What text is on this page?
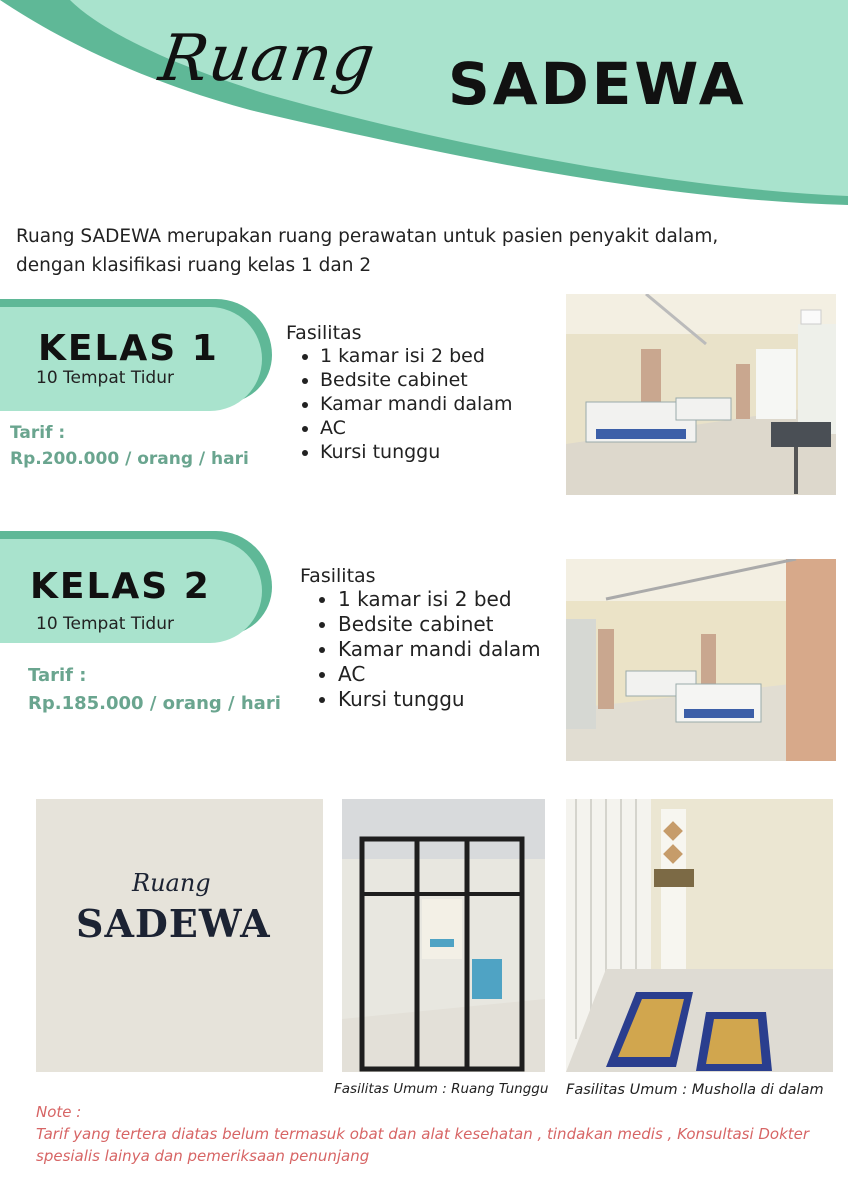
Ruang SADEWA
Ruang SADEWA merupakan ruang perawatan untuk pasien penyakit dalam,
dengan klasifikasi ruang kelas 1 dan 2
KELAS 1
10 Tempat Tidur
Tarif :
Rp.200.000 / orang / hari
Fasilitas
• 1 kamar isi 2 bed
• Bedsite cabinet
• Kamar mandi dalam
• AC
• Kursi tunggu
KELAS 2
10 Tempat Tidur
Tarif :
Rp.185.000 / orang / hari
Fasilitas
• 1 kamar isi 2 bed
• Bedsite cabinet
• Kamar mandi dalam
• AC
• Kursi tunggu
Ruang
SADEWA
Fasilitas Umum : Ruang Tunggu Fasilitas Umum : Musholla di dalam
Note :
Tarif yang tertera diatas belum termasuk obat dan alat kesehatan , tindakan medis , Konsultasi Dokter spesialis lainya dan pemeriksaan penunjang
